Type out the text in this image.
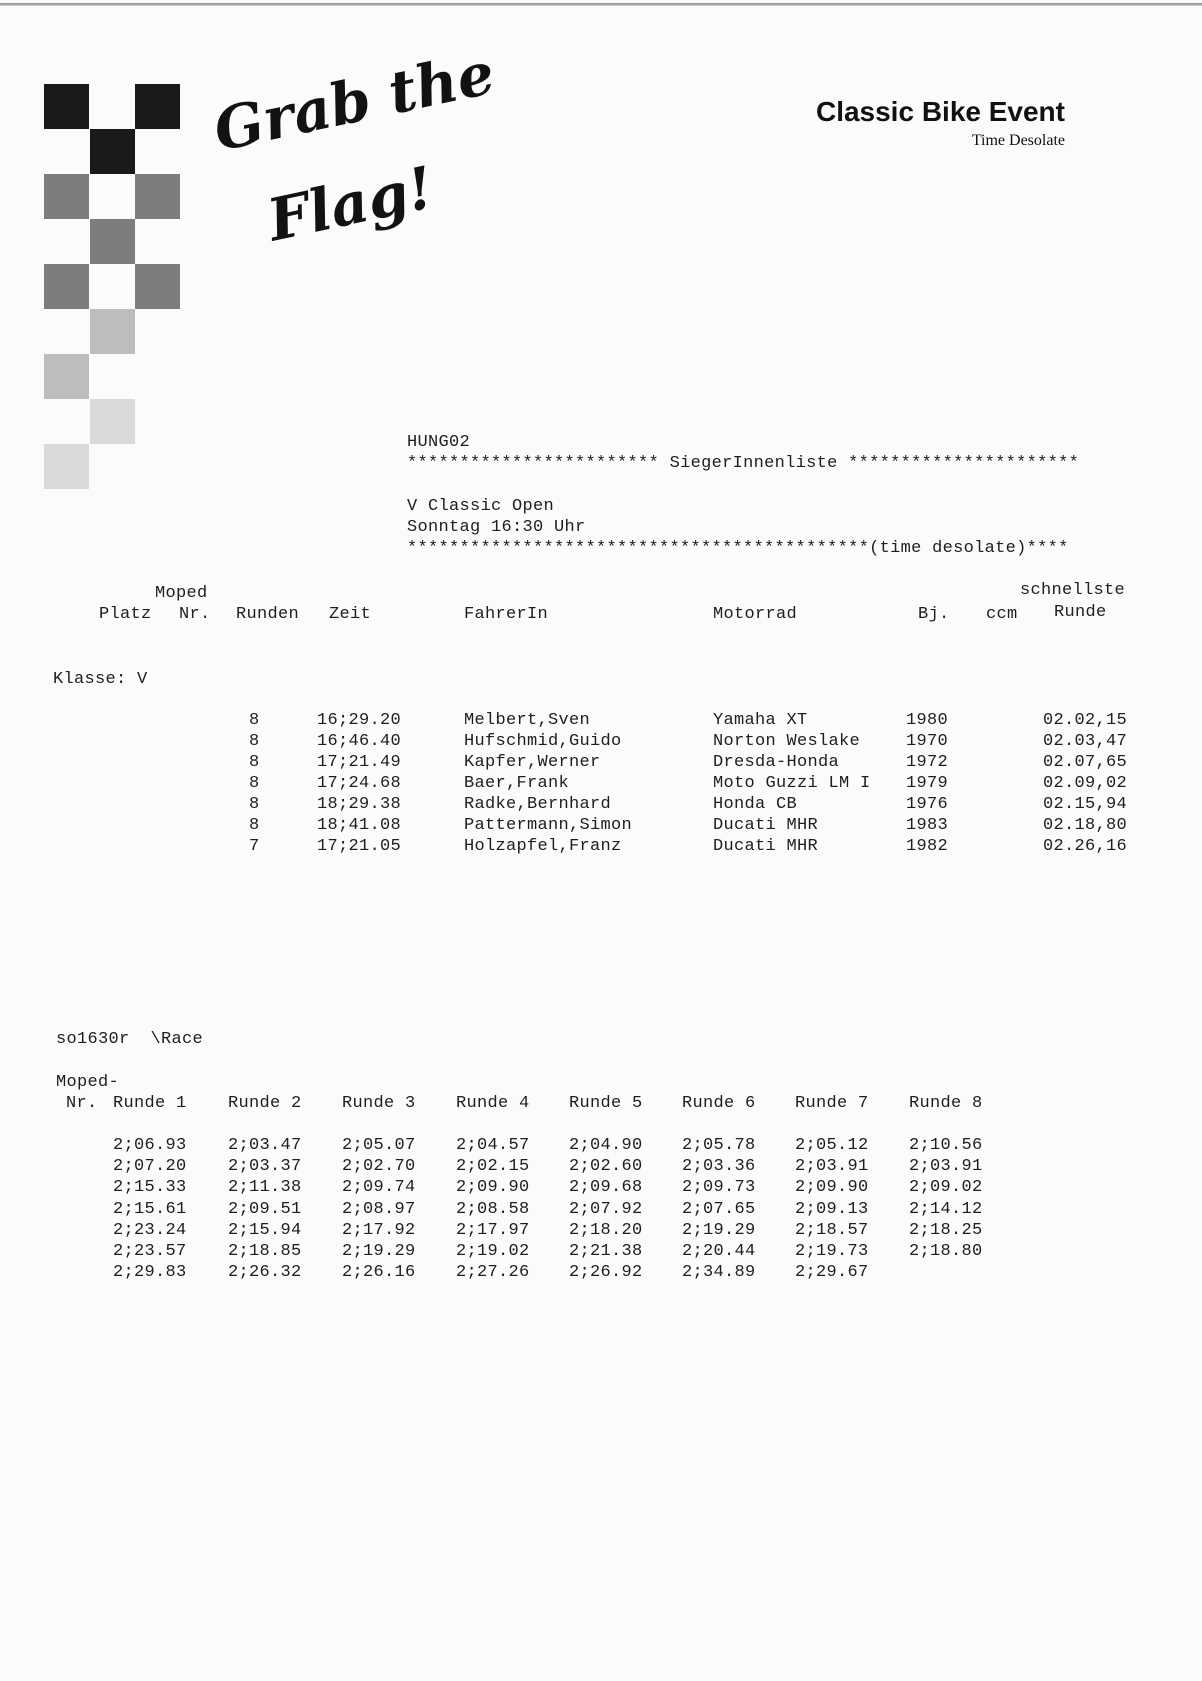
Grab the
Flag!
Classic Bike Event
Time Desolate
HUNG02
************************ SiegerInnenliste **********************
V Classic Open
Sonntag 16:30 Uhr
********************************************(time desolate)****
Moped	schnellste
Platz Nr. Runden Zeit	FahrerIn	Motorrad	Bj. ccm Runde
Klasse: V
8	16;29.20	Melbert,Sven	Yamaha XT	1980	02.02,15
8	16;46.40	Hufschmid,Guido	Norton Weslake	1970	02.03,47
8	17;21.49	Kapfer,Werner	Dresda-Honda	1972	02.07,65
8	17;24.68	Baer,Frank	Moto Guzzi LM I 1979	02.09,02
8	18;29.38	Radke,Bernhard	Honda CB	1976	02.15,94
8	18;41.08	Pattermann,Simon	Ducati MHR	1983	02.18,80
7	17;21.05	Holzapfel,Franz	Ducati MHR	1982	02.26,16
so1630r  \Race
Moped-
Nr. Runde 1 Runde 2 Runde 3 Runde 4 Runde 5 Runde 6 Runde 7 Runde 8
2;06.93 2;03.47 2;05.07 2;04.57 2;04.90 2;05.78 2;05.12 2;10.56
2;07.20 2;03.37 2;02.70 2;02.15 2;02.60 2;03.36 2;03.91 2;03.91
2;15.33 2;11.38 2;09.74 2;09.90 2;09.68 2;09.73 2;09.90 2;09.02
2;15.61 2;09.51 2;08.97 2;08.58 2;07.92 2;07.65 2;09.13 2;14.12
2;23.24 2;15.94 2;17.92 2;17.97 2;18.20 2;19.29 2;18.57 2;18.25
2;23.57 2;18.85 2;19.29 2;19.02 2;21.38 2;20.44 2;19.73 2;18.80
2;29.83 2;26.32 2;26.16 2;27.26 2;26.92 2;34.89 2;29.67
